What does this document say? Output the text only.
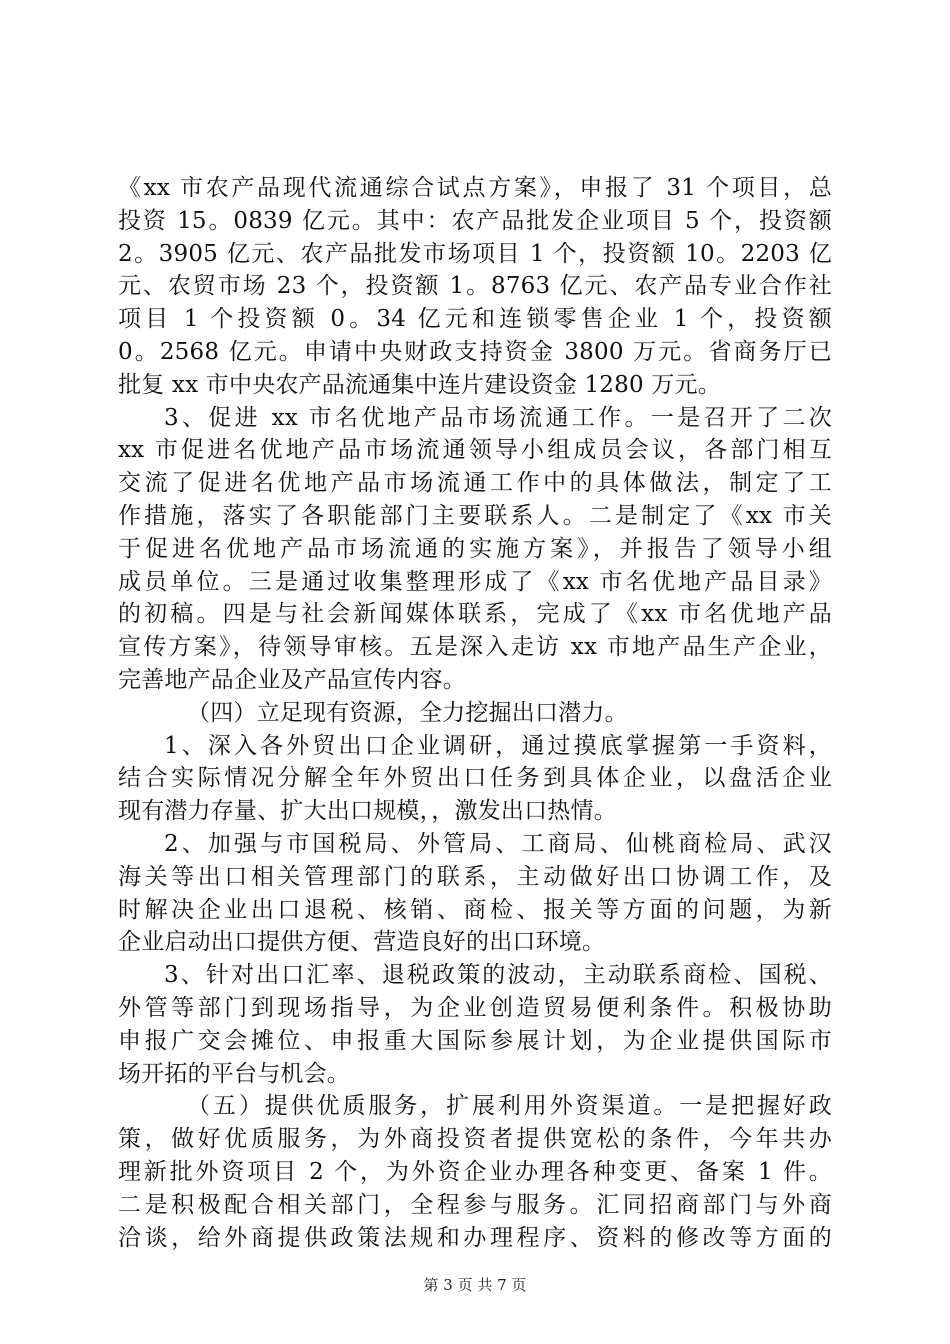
《xx 市农产品现代流通综合试点方案》，申报了 31 个项目，总
投资 15。0839 亿元。其中：农产品批发企业项目 5 个，投资额
2。3905 亿元、农产品批发市场项目 1 个，投资额 10。2203 亿
元、农贸市场 23 个，投资额 1。8763 亿元、农产品专业合作社
项目 1 个投资额 0。34 亿元和连锁零售企业 1 个，投资额
0。2568 亿元。申请中央财政支持资金 3800 万元。省商务厅已
批复 xx 市中央农产品流通集中连片建设资金 1280 万元。
3、促进 xx 市名优地产品市场流通工作。一是召开了二次
xx 市促进名优地产品市场流通领导小组成员会议，各部门相互
交流了促进名优地产品市场流通工作中的具体做法，制定了工
作措施，落实了各职能部门主要联系人。二是制定了《xx 市关
于促进名优地产品市场流通的实施方案》，并报告了领导小组
成员单位。三是通过收集整理形成了《xx 市名优地产品目录》
的初稿。四是与社会新闻媒体联系，完成了《xx 市名优地产品
宣传方案》，待领导审核。五是深入走访 xx 市地产品生产企业，
完善地产品企业及产品宣传内容。
（四）立足现有资源，全力挖掘出口潜力。
1、深入各外贸出口企业调研，通过摸底掌握第一手资料，
结合实际情况分解全年外贸出口任务到具体企业，以盘活企业
现有潜力存量、扩大出口规模，，激发出口热情。
2、加强与市国税局、外管局、工商局、仙桃商检局、武汉
海关等出口相关管理部门的联系，主动做好出口协调工作，及
时解决企业出口退税、核销、商检、报关等方面的问题，为新
企业启动出口提供方便、营造良好的出口环境。
3、针对出口汇率、退税政策的波动，主动联系商检、国税、
外管等部门到现场指导，为企业创造贸易便利条件。积极协助
申报广交会摊位、申报重大国际参展计划，为企业提供国际市
场开拓的平台与机会。
（五）提供优质服务，扩展利用外资渠道。一是把握好政
策，做好优质服务，为外商投资者提供宽松的条件，今年共办
理新批外资项目 2 个，为外资企业办理各种变更、备案 1 件。
二是积极配合相关部门，全程参与服务。汇同招商部门与外商
洽谈，给外商提供政策法规和办理程序、资料的修改等方面的
第 3 页 共 7 页
